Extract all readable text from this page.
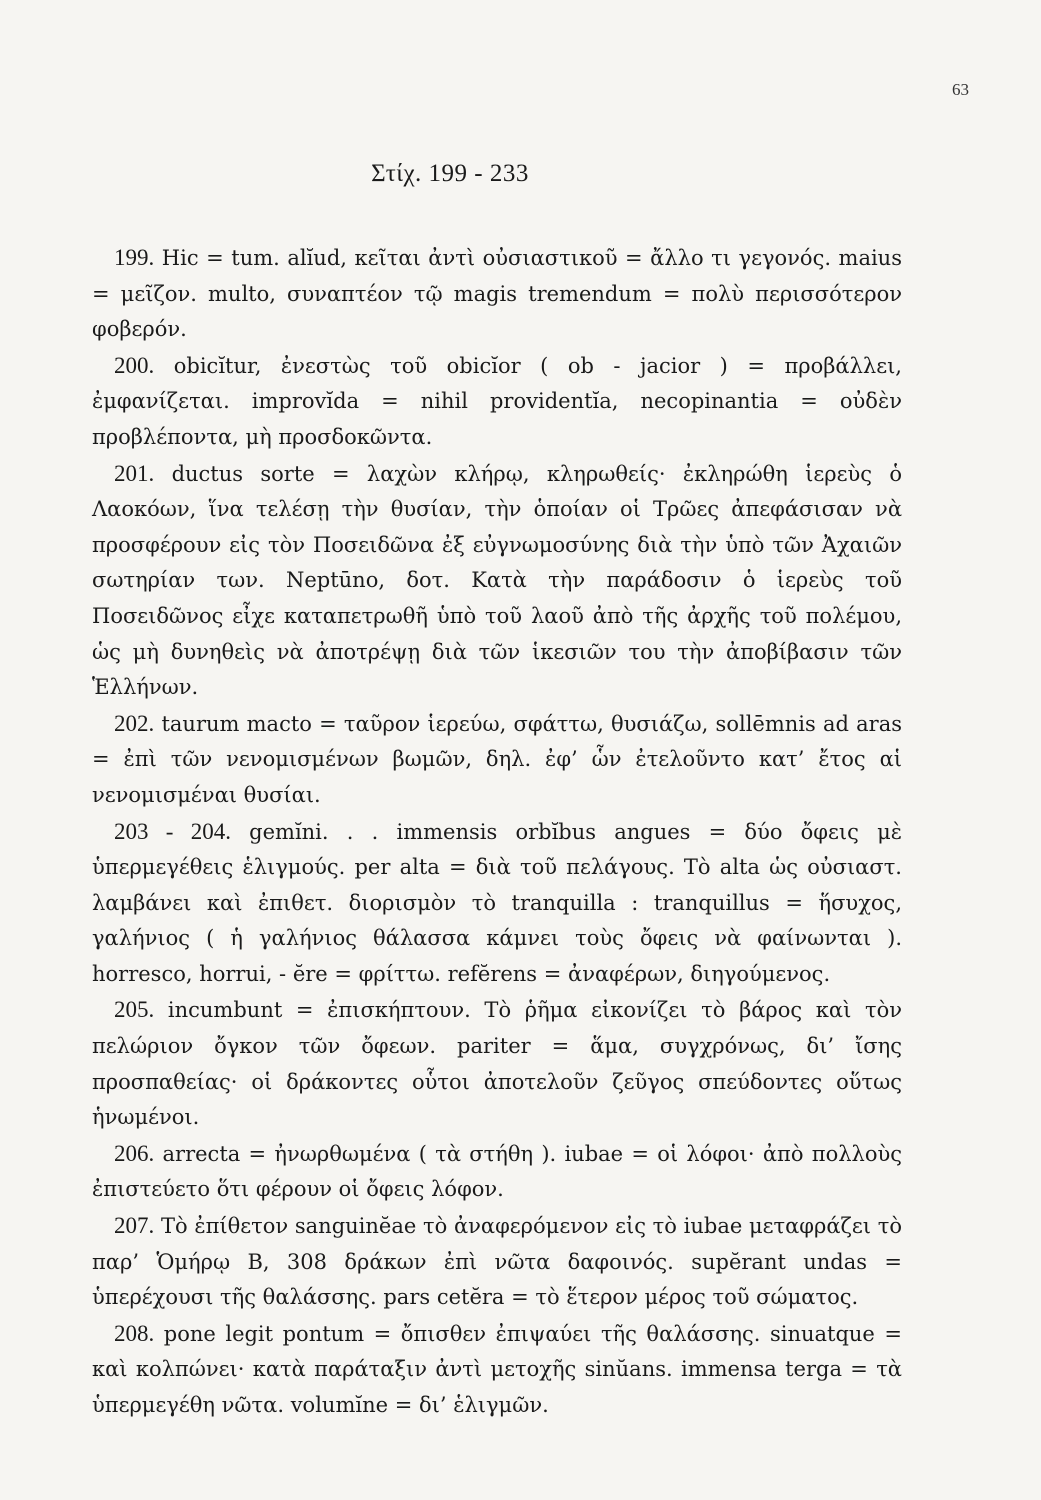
63
Στίχ. 199 - 233

199. Hic = tum. alĭud, κεῖται ἀντὶ οὐσιαστικοῦ = ἄλλο τι γεγονός. maius = μεῖζον. multo, συναπτέον τῷ magis tremendum = πολὺ περισσότερον φοβερόν.

200. obicĭtur, ἐνεστὼς τοῦ obicĭor ( ob - jacior ) = προβάλλει, ἐμφανίζεται. improvĭda = nihil providentĭa, necopinantia = οὐδὲν προβλέποντα, μὴ προσδοκῶντα.

201. ductus sorte = λαχὼν κλήρῳ, κληρωθείς· ἐκληρώθη ἱερεὺς ὁ Λαοκόων, ἵνα τελέσῃ τὴν θυσίαν, τὴν ὁποίαν οἱ Τρῶες ἀπεφάσισαν νὰ προσφέρουν εἰς τὸν Ποσειδῶνα ἐξ εὐγνωμοσύνης διὰ τὴν ὑπὸ τῶν Ἀχαιῶν σωτηρίαν των. Neptūno, δοτ. Κατὰ τὴν παράδοσιν ὁ ἱερεὺς τοῦ Ποσειδῶνος εἶχε καταπετρωθῆ ὑπὸ τοῦ λαοῦ ἀπὸ τῆς ἀρχῆς τοῦ πολέμου, ὡς μὴ δυνηθεὶς νὰ ἀποτρέψῃ διὰ τῶν ἱκεσιῶν του τὴν ἀποβίβασιν τῶν Ἑλλήνων.

202. taurum macto = ταῦρον ἱερεύω, σφάττω, θυσιάζω, sollēmnis ad aras = ἐπὶ τῶν νενομισμένων βωμῶν, δηλ. ἐφ’ ὧν ἐτελοῦντο κατ’ ἔτος αἱ νενομισμέναι θυσίαι.

203 - 204. gemĭni. . . immensis orbĭbus angues = δύο ὄφεις μὲ ὑπερμεγέθεις ἑλιγμούς. per alta = διὰ τοῦ πελάγους. Τὸ alta ὡς οὐσιαστ. λαμβάνει καὶ ἐπιθετ. διορισμὸν τὸ tranquilla : tranquillus = ἥσυχος, γαλήνιος ( ἡ γαλήνιος θάλασσα κάμνει τοὺς ὄφεις νὰ φαίνωνται ). horresco, horrui, - ĕre = φρίττω. refĕrens = ἀναφέρων, διηγούμενος.

205. incumbunt = ἐπισκήπτουν. Τὸ ῥῆμα εἰκονίζει τὸ βάρος καὶ τὸν πελώριον ὄγκον τῶν ὄφεων. pariter = ἅμα, συγχρόνως, δι’ ἴσης προσπαθείας· οἱ δράκοντες οὗτοι ἀποτελοῦν ζεῦγος σπεύδοντες οὕτως ἡνωμένοι.

206. arrecta = ἠνωρθωμένα ( τὰ στήθη ). iubae = οἱ λόφοι· ἀπὸ πολλοὺς ἐπιστεύετο ὅτι φέρουν οἱ ὄφεις λόφον.

207. Τὸ ἐπίθετον sanguinĕae τὸ ἀναφερόμενον εἰς τὸ iubae μεταφράζει τὸ παρ’ Ὁμήρῳ Β, 308 δράκων ἐπὶ νῶτα δαφοινός. supĕrant undas = ὑπερέχουσι τῆς θαλάσσης. pars cetĕra = τὸ ἕτερον μέρος τοῦ σώματος.

208. pone legit pontum = ὄπισθεν ἐπιψαύει τῆς θαλάσσης. sinuatque = καὶ κολπώνει· κατὰ παράταξιν ἀντὶ μετοχῆς sinŭans. immensa terga = τὰ ὑπερμεγέθη νῶτα. volumĭne = δι’ ἑλιγμῶν.
